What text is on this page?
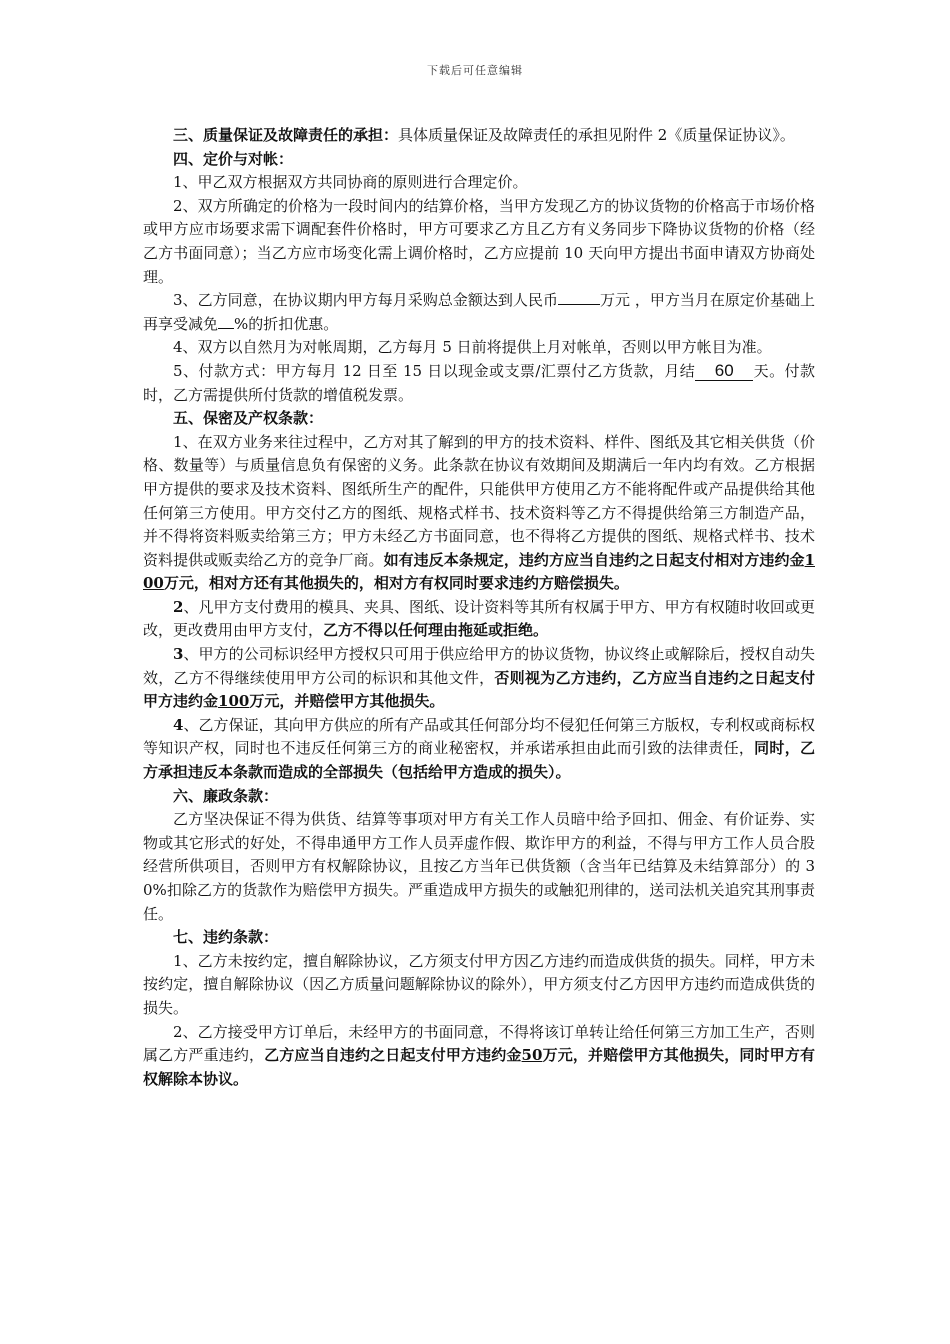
下载后可任意编辑

三、质量保证及故障责任的承担：具体质量保证及故障责任的承担见附件 2《质量保证协议》。

四、定价与对帐：

1、甲乙双方根据双方共同协商的原则进行合理定价。

2、双方所确定的价格为一段时间内的结算价格，当甲方发现乙方的协议货物的价格高于市场价格或甲方应市场要求需下调配套件价格时，甲方可要求乙方且乙方有义务同步下降协议货物的价格（经乙方书面同意）；当乙方应市场变化需上调价格时，乙方应提前 10 天向甲方提出书面申请双方协商处理。

3、乙方同意，在协议期内甲方每月采购总金额达到人民币	万元 ，甲方当月在原定价基础上再享受减免 %的折扣优惠。

4、双方以自然月为对帐周期，乙方每月 5 日前将提供上月对帐单，否则以甲方帐目为准。

5、付款方式：甲方每月 12 日至 15 日以现金或支票/汇票付乙方货款，月结 60 天。付款时，乙方需提供所付货款的增值税发票。

五、保密及产权条款：

1、在双方业务来往过程中，乙方对其了解到的甲方的技术资料、样件、图纸及其它相关供货（价格、数量等）与质量信息负有保密的义务。此条款在协议有效期间及期满后一年内均有效。乙方根据甲方提供的要求及技术资料、图纸所生产的配件，只能供甲方使用乙方不能将配件或产品提供给其他任何第三方使用。甲方交付乙方的图纸、规格式样书、技术资料等乙方不得提供给第三方制造产品，并不得将资料贩卖给第三方；甲方未经乙方书面同意，也不得将乙方提供的图纸、规格式样书、技术资料提供或贩卖给乙方的竞争厂商。如有违反本条规定，违约方应当自违约之日起支付相对方违约金100万元，相对方还有其他损失的，相对方有权同时要求违约方赔偿损失。

2、凡甲方支付费用的模具、夹具、图纸、设计资料等其所有权属于甲方、甲方有权随时收回或更改，更改费用由甲方支付，乙方不得以任何理由拖延或拒绝。

3、甲方的公司标识经甲方授权只可用于供应给甲方的协议货物，协议终止或解除后，授权自动失效，乙方不得继续使用甲方公司的标识和其他文件，否则视为乙方违约，乙方应当自违约之日起支付甲方违约金100万元，并赔偿甲方其他损失。

4、乙方保证，其向甲方供应的所有产品或其任何部分均不侵犯任何第三方版权，专利权或商标权等知识产权，同时也不违反任何第三方的商业秘密权，并承诺承担由此而引致的法律责任，同时，乙方承担违反本条款而造成的全部损失（包括给甲方造成的损失）。

六、廉政条款：

乙方坚决保证不得为供货、结算等事项对甲方有关工作人员暗中给予回扣、佣金、有价证券、实物或其它形式的好处，不得串通甲方工作人员弄虚作假、欺诈甲方的利益，不得与甲方工作人员合股经营所供项目，否则甲方有权解除协议，且按乙方当年已供货额（含当年已结算及未结算部分）的 30%扣除乙方的货款作为赔偿甲方损失。严重造成甲方损失的或触犯刑律的，送司法机关追究其刑事责任。

七、违约条款：

1、乙方未按约定，擅自解除协议，乙方须支付甲方因乙方违约而造成供货的损失。同样，甲方未按约定，擅自解除协议（因乙方质量问题解除协议的除外），甲方须支付乙方因甲方违约而造成供货的损失。

2、乙方接受甲方订单后，未经甲方的书面同意，不得将该订单转让给任何第三方加工生产，否则属乙方严重违约，乙方应当自违约之日起支付甲方违约金50万元，并赔偿甲方其他损失，同时甲方有权解除本协议。
